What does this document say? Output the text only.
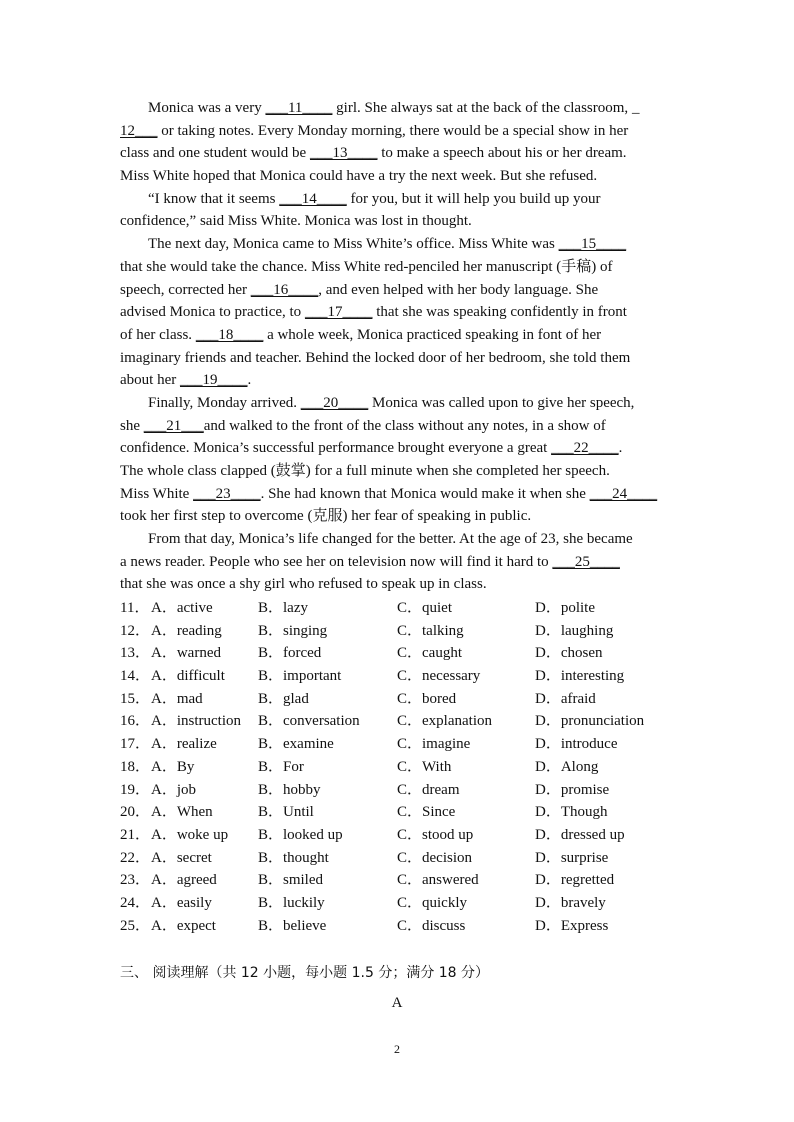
Monica was a very ___11____ girl. She always sat at the back of the classroom, _
12___ or taking notes. Every Monday morning, there would be a special show in her
class and one student would be ___13____ to make a speech about his or her dream.
Miss White hoped that Monica could have a try the next week. But she refused.
“I know that it seems ___14____ for you, but it will help you build up your
confidence,” said Miss White. Monica was lost in thought.
The next day, Monica came to Miss White’s office. Miss White was ___15____
that she would take the chance. Miss White red-penciled her manuscript (手稿) of
speech, corrected her ___16____, and even helped with her body language. She
advised Monica to practice, to ___17____ that she was speaking confidently in front
of her class. ___18____ a whole week, Monica practiced speaking in font of her
imaginary friends and teacher. Behind the locked door of her bedroom, she told them
about her ___19____.
Finally, Monday arrived. ___20____ Monica was called upon to give her speech,
she ___21___and walked to the front of the class without any notes, in a show of
confidence. Monica’s successful performance brought everyone a great ___22____.
The whole class clapped (鼓掌) for a full minute when she completed her speech.
Miss White ___23____. She had known that Monica would make it when she ___24____
took her first step to overcome (克服) her fear of speaking in public.
From that day, Monica’s life changed for the better. At the age of 23, she became
a news reader. People who see her on television now will find it hard to ___25____
that she was once a shy girl who refused to speak up in class.
11． A．active	B．lazy	C．quiet	D．polite
12． A．reading B．singing	C．talking	D．laughing
13． A．warned B．forced	C．caught	D．chosen
14． A．difficult B．important	C．necessary	D．interesting
15． A．mad	B．glad	C．bored	D．afraid
16． A．instruction B．conversation C．explanation	D．pronunciation
17． A．realize	B．examine	C．imagine	D．introduce
18． A．By	B．For	C．With	D．Along
19． A．job	B．hobby	C．dream	D．promise
20． A．When	B．Until	C．Since	D．Though
21． A．woke up B．looked up	C．stood up	D．dressed up
22． A．secret	B．thought	C．decision	D．surprise
23． A．agreed	B．smiled	C．answered	D．regretted
24． A．easily	B．luckily	C．quickly	D．bravely
25． A．expect	B．believe	C．discuss	D．Express
三、 阅读理解（共 12 小题，每小题 1.5 分；满分 18 分）
A
2
